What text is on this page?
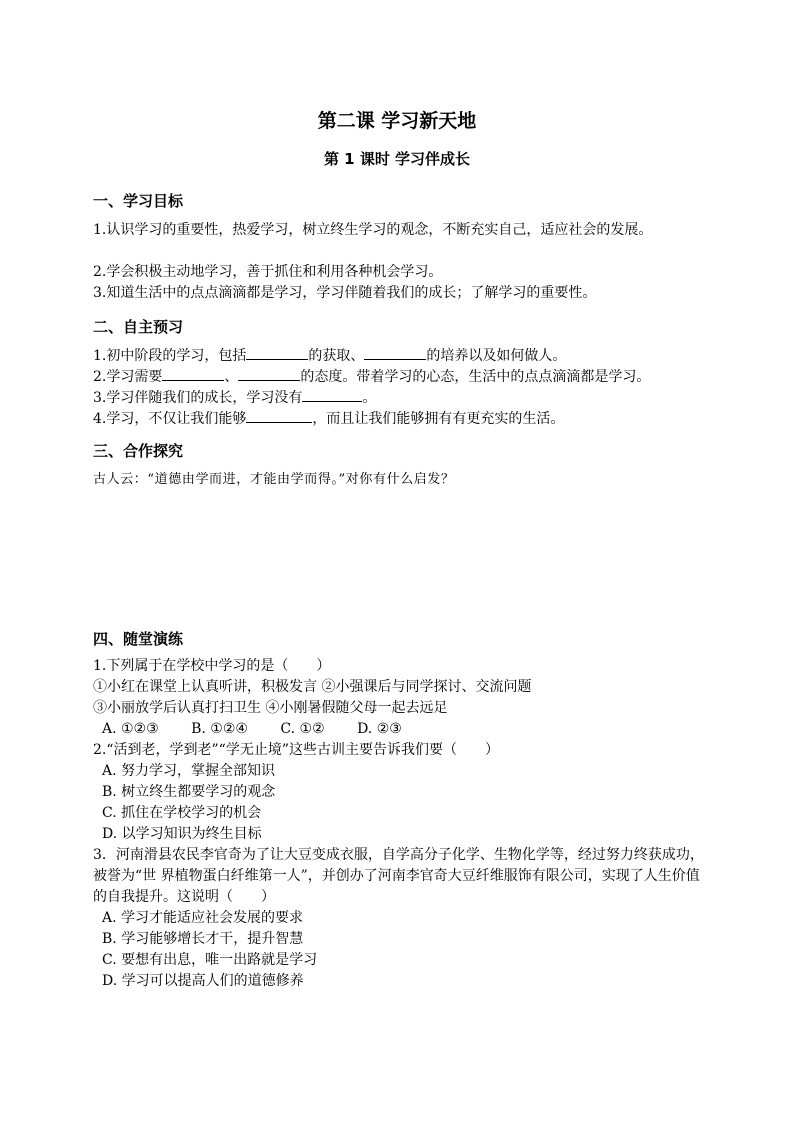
第二课 学习新天地
第 1 课时 学习伴成长
一、学习目标
1.认识学习的重要性，热爱学习，树立终生学习的观念，不断充实自己，适应社会的发展。
2.学会积极主动地学习，善于抓住和利用各种机会学习。
3.知道生活中的点点滴滴都是学习，学习伴随着我们的成长；了解学习的重要性。
二、自主预习
1.初中阶段的学习，包括	的获取、	的培养以及如何做人。
2.学习需要	、	的态度。带着学习的心态，生活中的点点滴滴都是学习。
3.学习伴随我们的成长，学习没有	。
4.学习，不仅让我们能够	，而且让我们能够拥有有更充实的生活。
三、合作探究
古人云：“道德由学而进，才能由学而得。”对你有什么启发？
四、随堂演练
1.下列属于在学校中学习的是（　　）
①小红在课堂上认真听讲，积极发言 ②小强课后与同学探讨、交流问题
③小丽放学后认真打扫卫生 ④小刚暑假随父母一起去远足
A. ①②③　　 B. ①②④　　 C. ①②　　 D. ②③
2.“活到老，学到老”“学无止境”这些古训主要告诉我们要（　　）
A. 努力学习，掌握全部知识
B. 树立终生都要学习的观念
C. 抓住在学校学习的机会
D. 以学习知识为终生目标
3．河南滑县农民李官奇为了让大豆变成衣服，自学高分子化学、生物化学等，经过努力终获成功，被誉为“世 界植物蛋白纤维第一人”，并创办了河南李官奇大豆纤维服饰有限公司，实现了人生价值的自我提升。这说明（　　）
A. 学习才能适应社会发展的要求
B. 学习能够增长才干，提升智慧
C. 要想有出息，唯一出路就是学习
D. 学习可以提高人们的道德修养
